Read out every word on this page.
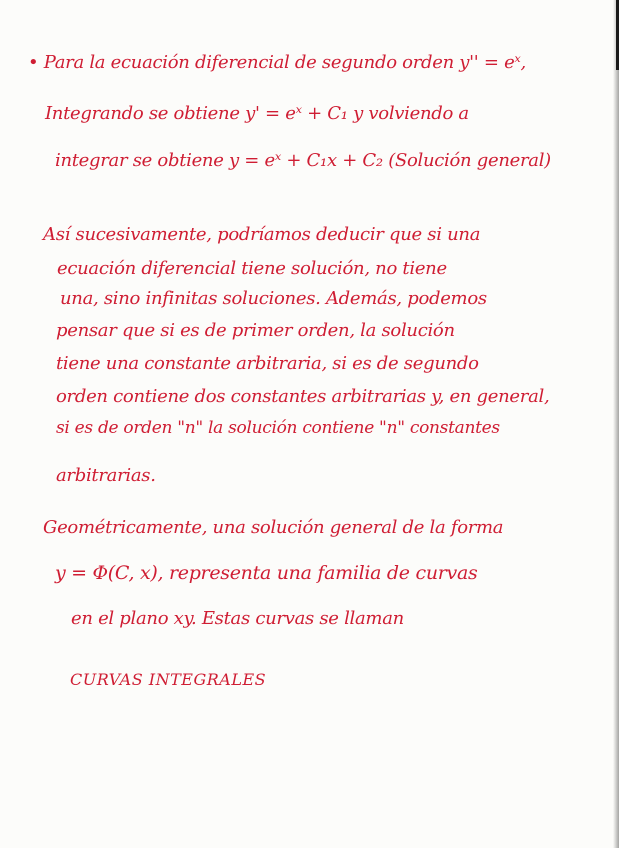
• Para la ecuación diferencial de segundo orden y'' = eˣ,
Integrando se obtiene y' = eˣ + C₁ y volviendo a
integrar se obtiene y = eˣ + C₁x + C₂ (Solución general)
Así sucesivamente, podríamos deducir que si una
ecuación diferencial tiene solución, no tiene
una, sino infinitas soluciones. Además, podemos
pensar que si es de primer orden, la solución
tiene una constante arbitraria, si es de segundo
orden contiene dos constantes arbitrarias y, en general,
si es de orden "n" la solución contiene "n" constantes
arbitrarias.
Geométricamente, una solución general de la forma
y = Φ(C, x), representa una familia de curvas
en el plano xy. Estas curvas se llaman
CURVAS INTEGRALES
